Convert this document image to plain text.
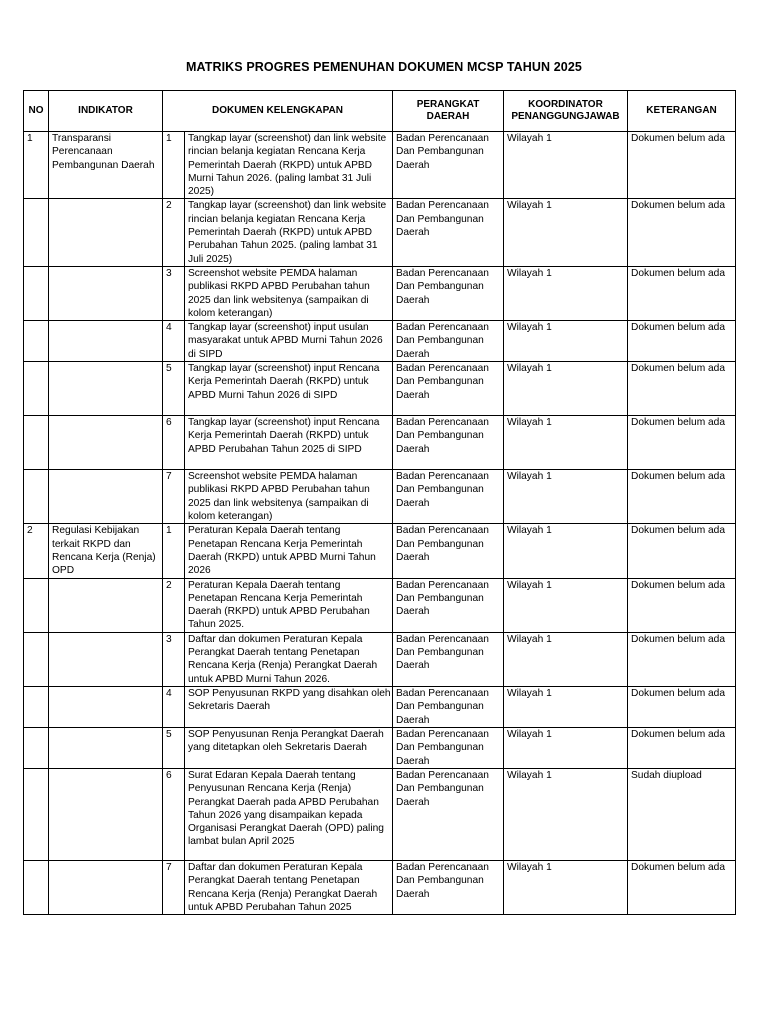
MATRIKS PROGRES PEMENUHAN DOKUMEN MCSP TAHUN 2025
NO	INDIKATOR	DOKUMEN KELENGKAPAN		PERANGKAT DAERAH	KOORDINATOR PENANGGUNGJAWAB	KETERANGAN
1	Transparansi Perencanaan Pembangunan Daerah	1	Tangkap layar (screenshot) dan link website rincian belanja kegiatan Rencana Kerja Pemerintah Daerah (RKPD) untuk APBD Murni Tahun 2026. (paling lambat 31 Juli 2025)	Badan Perencanaan Dan Pembangunan Daerah	Wilayah 1	Dokumen belum ada
		2	Tangkap layar (screenshot) dan link website rincian belanja kegiatan Rencana Kerja Pemerintah Daerah (RKPD) untuk APBD Perubahan Tahun 2025. (paling lambat 31 Juli 2025)	Badan Perencanaan Dan Pembangunan Daerah	Wilayah 1	Dokumen belum ada
		3	Screenshot website PEMDA halaman publikasi RKPD APBD Perubahan tahun 2025 dan link websitenya (sampaikan di kolom keterangan)	Badan Perencanaan Dan Pembangunan Daerah	Wilayah 1	Dokumen belum ada
		4	Tangkap layar (screenshot) input usulan masyarakat untuk APBD Murni Tahun 2026 di SIPD	Badan Perencanaan Dan Pembangunan Daerah	Wilayah 1	Dokumen belum ada
		5	Tangkap layar (screenshot) input Rencana Kerja Pemerintah Daerah (RKPD) untuk APBD Murni Tahun 2026 di SIPD	Badan Perencanaan Dan Pembangunan Daerah	Wilayah 1	Dokumen belum ada
		6	Tangkap layar (screenshot) input Rencana Kerja Pemerintah Daerah (RKPD) untuk APBD Perubahan Tahun 2025 di SIPD	Badan Perencanaan Dan Pembangunan Daerah	Wilayah 1	Dokumen belum ada
		7	Screenshot website PEMDA halaman publikasi RKPD APBD Perubahan tahun 2025 dan link websitenya (sampaikan di kolom keterangan)	Badan Perencanaan Dan Pembangunan Daerah	Wilayah 1	Dokumen belum ada
2	Regulasi Kebijakan terkait RKPD dan Rencana Kerja (Renja) OPD	1	Peraturan Kepala Daerah tentang Penetapan Rencana Kerja Pemerintah Daerah (RKPD) untuk APBD Murni Tahun 2026	Badan Perencanaan Dan Pembangunan Daerah	Wilayah 1	Dokumen belum ada
		2	Peraturan Kepala Daerah tentang Penetapan Rencana Kerja Pemerintah Daerah (RKPD) untuk APBD Perubahan Tahun 2025.	Badan Perencanaan Dan Pembangunan Daerah	Wilayah 1	Dokumen belum ada
		3	Daftar dan dokumen Peraturan Kepala Perangkat Daerah tentang Penetapan Rencana Kerja (Renja) Perangkat Daerah untuk APBD Murni Tahun 2026.	Badan Perencanaan Dan Pembangunan Daerah	Wilayah 1	Dokumen belum ada
		4	SOP Penyusunan RKPD yang disahkan oleh Sekretaris Daerah	Badan Perencanaan Dan Pembangunan Daerah	Wilayah 1	Dokumen belum ada
		5	SOP Penyusunan Renja Perangkat Daerah yang ditetapkan oleh Sekretaris Daerah	Badan Perencanaan Dan Pembangunan Daerah	Wilayah 1	Dokumen belum ada
		6	Surat Edaran Kepala Daerah tentang Penyusunan Rencana Kerja (Renja) Perangkat Daerah pada APBD Perubahan Tahun 2026 yang disampaikan kepada Organisasi Perangkat Daerah (OPD) paling lambat bulan April 2025	Badan Perencanaan Dan Pembangunan Daerah	Wilayah 1	Sudah diupload
		7	Daftar dan dokumen Peraturan Kepala Perangkat Daerah tentang Penetapan Rencana Kerja (Renja) Perangkat Daerah untuk APBD Perubahan Tahun 2025	Badan Perencanaan Dan Pembangunan Daerah	Wilayah 1	Dokumen belum ada
